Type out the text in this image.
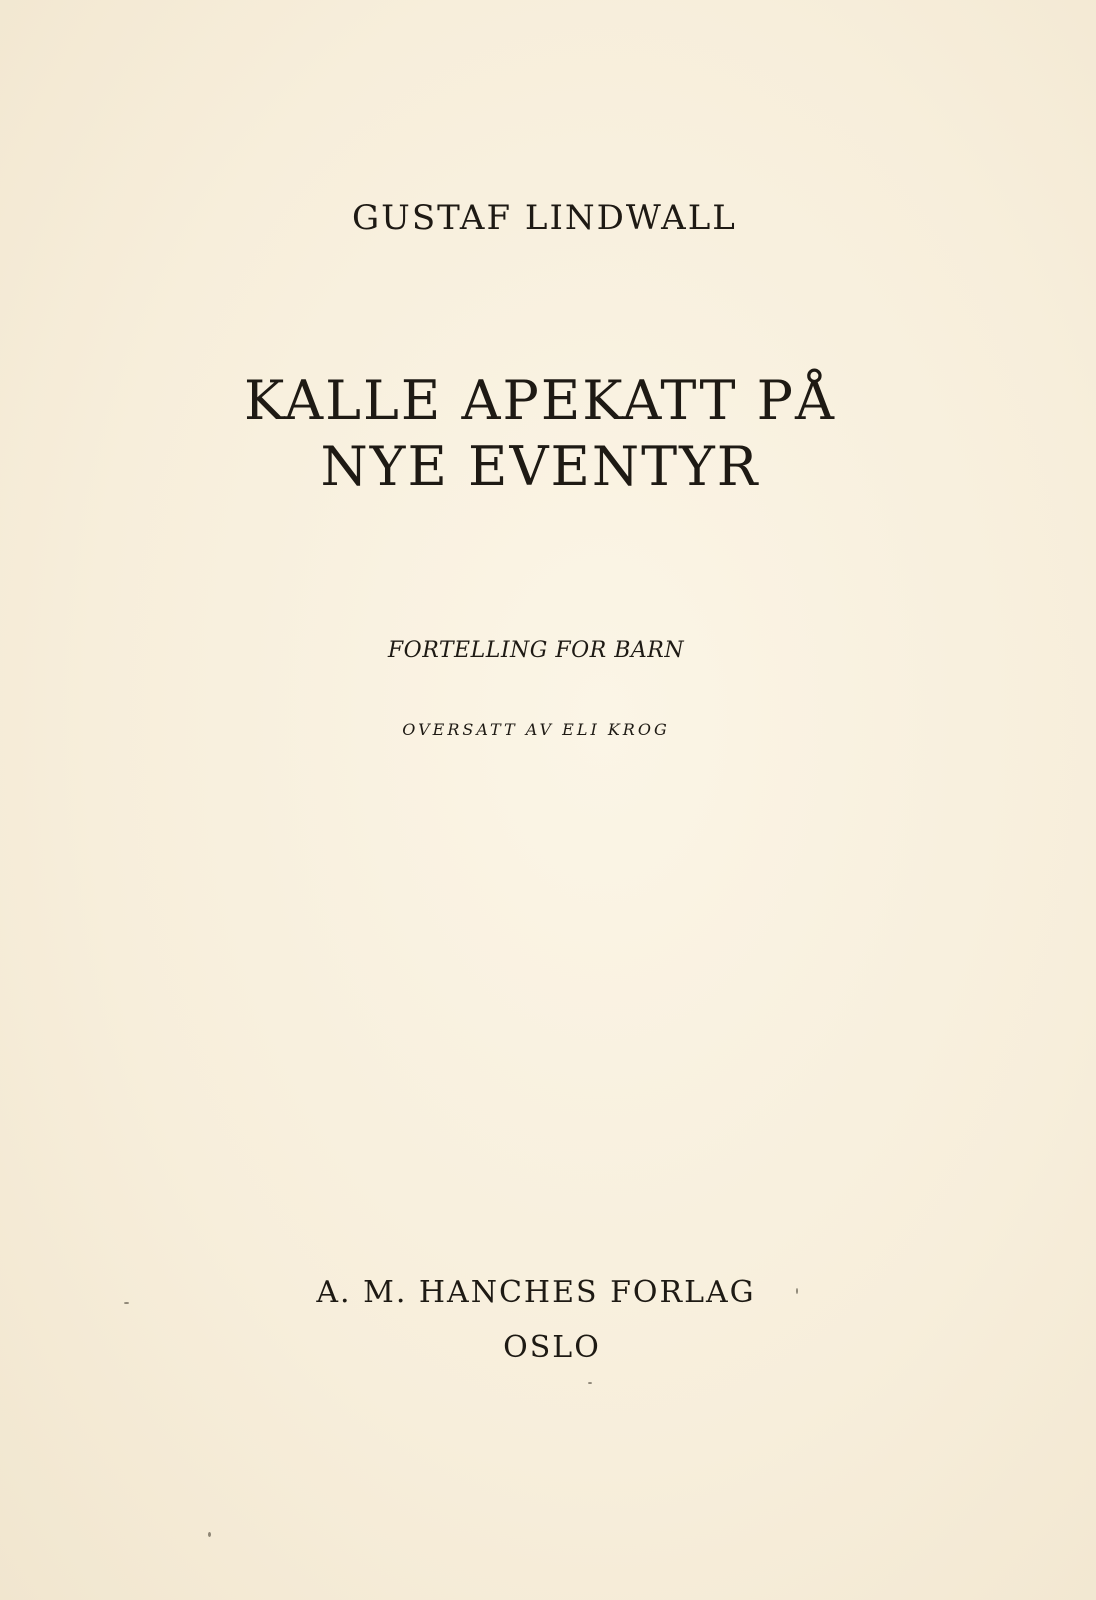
GUSTAF LINDWALL
KALLE APEKATT PÅ NYE EVENTYR
FORTELLING FOR BARN
OVERSATT AV ELI KROG
A. M. HANCHES FORLAG
OSLO
